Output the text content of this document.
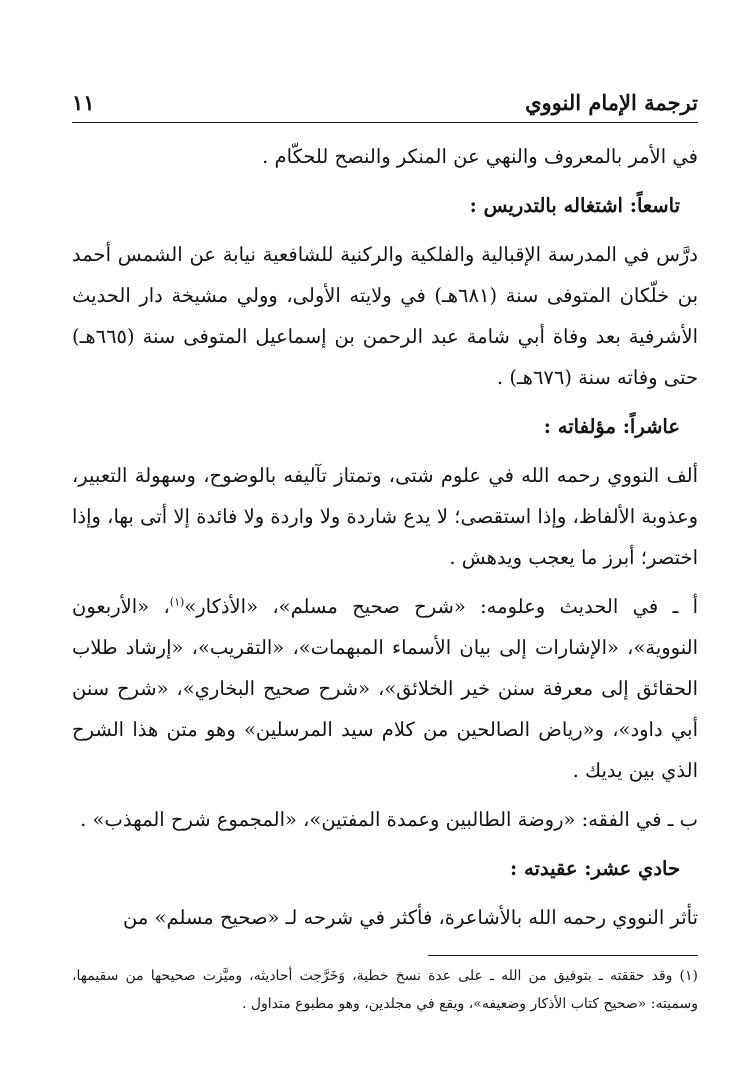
ترجمة الإمام النووي
١١

في الأمر بالمعروف والنهي عن المنكر والنصح للحكّام .

تاسعاً: اشتغاله بالتدريس :

درَّس في المدرسة الإقبالية والفلكية والركنية للشافعية نيابة عن الشمس أحمد بن خلّكان المتوفى سنة (٦٨١هـ) في ولايته الأولى، وولي مشيخة دار الحديث الأشرفية بعد وفاة أبي شامة عبد الرحمن بن إسماعيل المتوفى سنة (٦٦٥هـ) حتى وفاته سنة (٦٧٦هـ) .

عاشراً: مؤلفاته :

ألف النووي رحمه الله في علوم شتى، وتمتاز تآليفه بالوضوح، وسهولة التعبير، وعذوبة الألفاظ، وإذا استقصى؛ لا يدع شاردة ولا واردة ولا فائدة إلا أتى بها، وإذا اختصر؛ أبرز ما يعجب ويدهش .

أ ـ في الحديث وعلومه: «شرح صحيح مسلم»، «الأذكار»$^{(١)}$، «الأربعون النووية»، «الإشارات إلى بيان الأسماء المبهمات»، «التقريب»، «إرشاد طلاب الحقائق إلى معرفة سنن خير الخلائق»، «شرح صحيح البخاري»، «شرح سنن أبي داود»، و«رياض الصالحين من كلام سيد المرسلين» وهو متن هذا الشرح الذي بين يديك .

ب ـ في الفقه: «روضة الطالبين وعمدة المفتين»، «المجموع شرح المهذب» .

حادي عشر: عقيدته :

تأثر النووي رحمه الله بالأشاعرة، فأكثر في شرحه لـ «صحيح مسلم» من

(١) وقد حققته ـ بتوفيق من الله ـ على عدة نسخ خطية، وَخَرَّجت أحاديثه، وميَّزت صحيحها من سقيمها، وسميته: «صحيح كتاب الأذكار وضعيفه»، ويقع في مجلدين، وهو مطبوع متداول .
